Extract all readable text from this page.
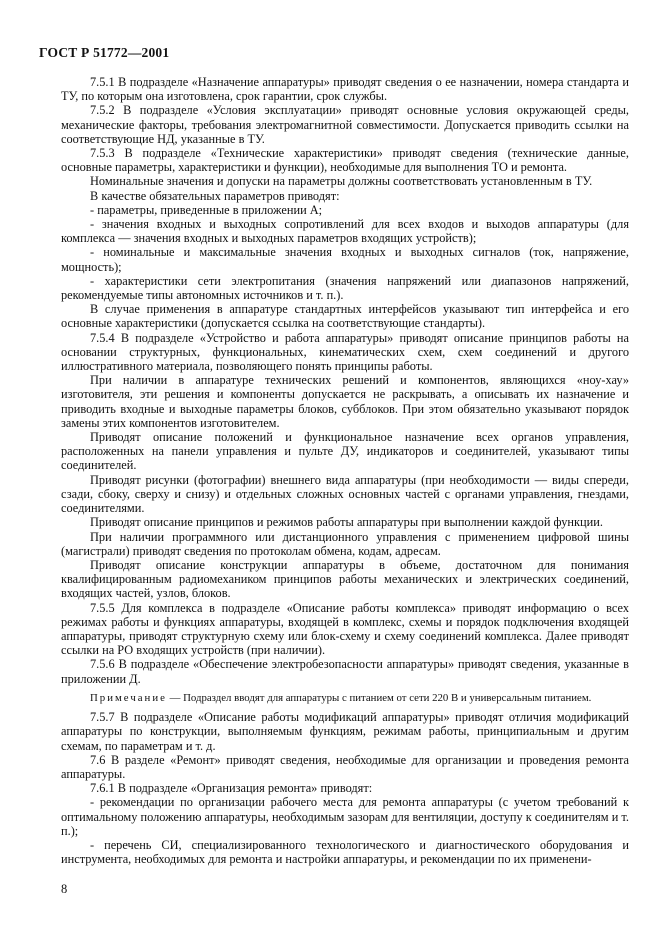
ГОСТ Р 51772—2001

7.5.1 В подразделе «Назначение аппаратуры» приводят сведения о ее назначении, номера стандарта и ТУ, по которым она изготовлена, срок гарантии, срок службы.

7.5.2 В подразделе «Условия эксплуатации» приводят основные условия окружающей среды, механические факторы, требования электромагнитной совместимости. Допускается приводить ссылки на соответствующие НД, указанные в ТУ.

7.5.3 В подразделе «Технические характеристики» приводят сведения (технические данные, основные параметры, характеристики и функции), необходимые для выполнения ТО и ремонта.

Номинальные значения и допуски на параметры должны соответствовать установленным в ТУ.

В качестве обязательных параметров приводят:

- параметры, приведенные в приложении А;

- значения входных и выходных сопротивлений для всех входов и выходов аппаратуры (для комплекса — значения входных и выходных параметров входящих устройств);

- номинальные и максимальные значения входных и выходных сигналов (ток, напряжение, мощность);

- характеристики сети электропитания (значения напряжений или диапазонов напряжений, рекомендуемые типы автономных источников и т. п.).

В случае применения в аппаратуре стандартных интерфейсов указывают тип интерфейса и его основные характеристики (допускается ссылка на соответствующие стандарты).

7.5.4 В подразделе «Устройство и работа аппаратуры» приводят описание принципов работы на основании структурных, функциональных, кинематических схем, схем соединений и другого иллюстративного материала, позволяющего понять принципы работы.

При наличии в аппаратуре технических решений и компонентов, являющихся «ноу-хау» изготовителя, эти решения и компоненты допускается не раскрывать, а описывать их назначение и приводить входные и выходные параметры блоков, субблоков. При этом обязательно указывают порядок замены этих компонентов изготовителем.

Приводят описание положений и функциональное назначение всех органов управления, расположенных на панели управления и пульте ДУ, индикаторов и соединителей, указывают типы соединителей.

Приводят рисунки (фотографии) внешнего вида аппаратуры (при необходимости — виды спереди, сзади, сбоку, сверху и снизу) и отдельных сложных основных частей с органами управления, гнездами, соединителями.

Приводят описание принципов и режимов работы аппаратуры при выполнении каждой функции.

При наличии программного или дистанционного управления с применением цифровой шины (магистрали) приводят сведения по протоколам обмена, кодам, адресам.

Приводят описание конструкции аппаратуры в объеме, достаточном для понимания квалифицированным радиомехаником принципов работы механических и электрических соединений, входящих частей, узлов, блоков.

7.5.5 Для комплекса в подразделе «Описание работы комплекса» приводят информацию о всех режимах работы и функциях аппаратуры, входящей в комплекс, схемы и порядок подключения входящей аппаратуры, приводят структурную схему или блок-схему и схему соединений комплекса. Далее приводят ссылки на РО входящих устройств (при наличии).

7.5.6 В подразделе «Обеспечение электробезопасности аппаратуры» приводят сведения, указанные в приложении Д.

Примечание — Подраздел вводят для аппаратуры с питанием от сети 220 В и универсальным питанием.

7.5.7 В подразделе «Описание работы модификаций аппаратуры» приводят отличия модификаций аппаратуры по конструкции, выполняемым функциям, режимам работы, принципиальным и другим схемам, по параметрам и т. д.

7.6 В разделе «Ремонт» приводят сведения, необходимые для организации и проведения ремонта аппаратуры.

7.6.1 В подразделе «Организация ремонта» приводят:

- рекомендации по организации рабочего места для ремонта аппаратуры (с учетом требований к оптимальному положению аппаратуры, необходимым зазорам для вентиляции, доступу к соединителям и т. п.);

- перечень СИ, специализированного технологического и диагностического оборудования и инструмента, необходимых для ремонта и настройки аппаратуры, и рекомендации по их применени-

8
